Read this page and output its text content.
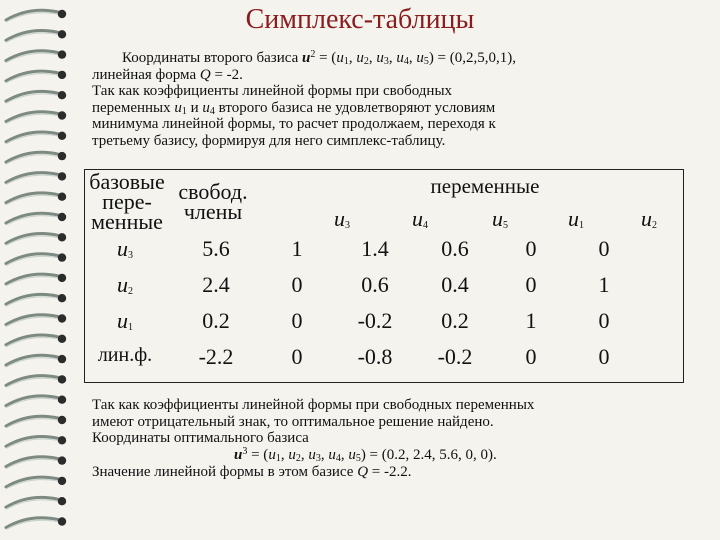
Симплекс-таблицы

Координаты второго базиса $u^2 = (u_1$, $u_2$, $u_3$, $u_4$, $u_5) = (0,2,5,0,1)$,

линейная форма Q = -2.

Так как коэффициенты линейной формы при свободных

переменных $u_1$ и $u_4$ второго базиса не удовлетворяют условиям

минимума линейной формы, то расчет продолжаем, переходя к

третьему базису, формируя для него симплекс-таблицу.

базовые
пере-
менные
свобод.
члены
переменные
$u_3$	$u_4$	$u_5$	$u_1$	$u_2$
$u_3$	5.6	1	1.4	0.6	0	0
$u_2$	2.4	0	0.6	0.4	0	1
$u_1$	0.2	0	-0.2	0.2	1	0
лин.ф.	-2.2	0	-0.8	-0.2	0	0

Так как коэффициенты линейной формы при свободных переменных

имеют отрицательный знак, то оптимальное решение найдено.

Координаты оптимального базиса

$u^3 = (u_1$, $u_2$, $u_3$, $u_4$, $u_5) = (0.2$, 2.4, 5.6, 0, 0).

Значение линейной формы в этом базисе Q = -2.2.
